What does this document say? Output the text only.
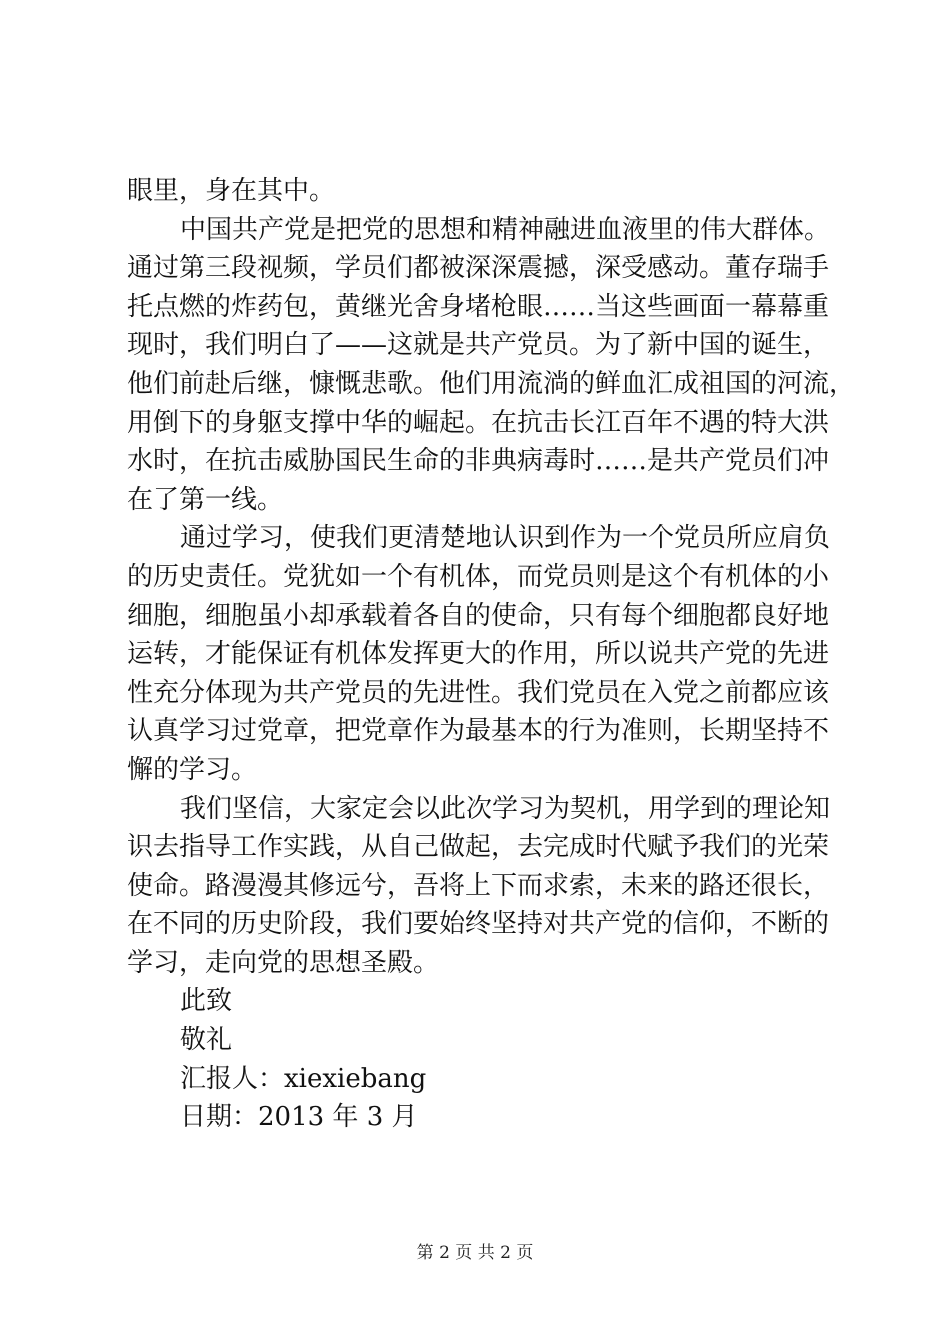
眼里，身在其中。
中国共产党是把党的思想和精神融进血液里的伟大群体。
通过第三段视频，学员们都被深深震撼，深受感动。董存瑞手
托点燃的炸药包，黄继光舍身堵枪眼……当这些画面一幕幕重
现时，我们明白了——这就是共产党员。为了新中国的诞生，
他们前赴后继，慷慨悲歌。他们用流淌的鲜血汇成祖国的河流，
用倒下的身躯支撑中华的崛起。在抗击长江百年不遇的特大洪
水时，在抗击威胁国民生命的非典病毒时……是共产党员们冲
在了第一线。
通过学习，使我们更清楚地认识到作为一个党员所应肩负
的历史责任。党犹如一个有机体，而党员则是这个有机体的小
细胞，细胞虽小却承载着各自的使命，只有每个细胞都良好地
运转，才能保证有机体发挥更大的作用，所以说共产党的先进
性充分体现为共产党员的先进性。我们党员在入党之前都应该
认真学习过党章，把党章作为最基本的行为准则，长期坚持不
懈的学习。
我们坚信，大家定会以此次学习为契机，用学到的理论知
识去指导工作实践，从自己做起，去完成时代赋予我们的光荣
使命。路漫漫其修远兮，吾将上下而求索，未来的路还很长，
在不同的历史阶段，我们要始终坚持对共产党的信仰，不断的
学习，走向党的思想圣殿。
此致
敬礼
汇报人：xiexiebang
日期：2013 年 3 月
第 2 页 共 2 页
